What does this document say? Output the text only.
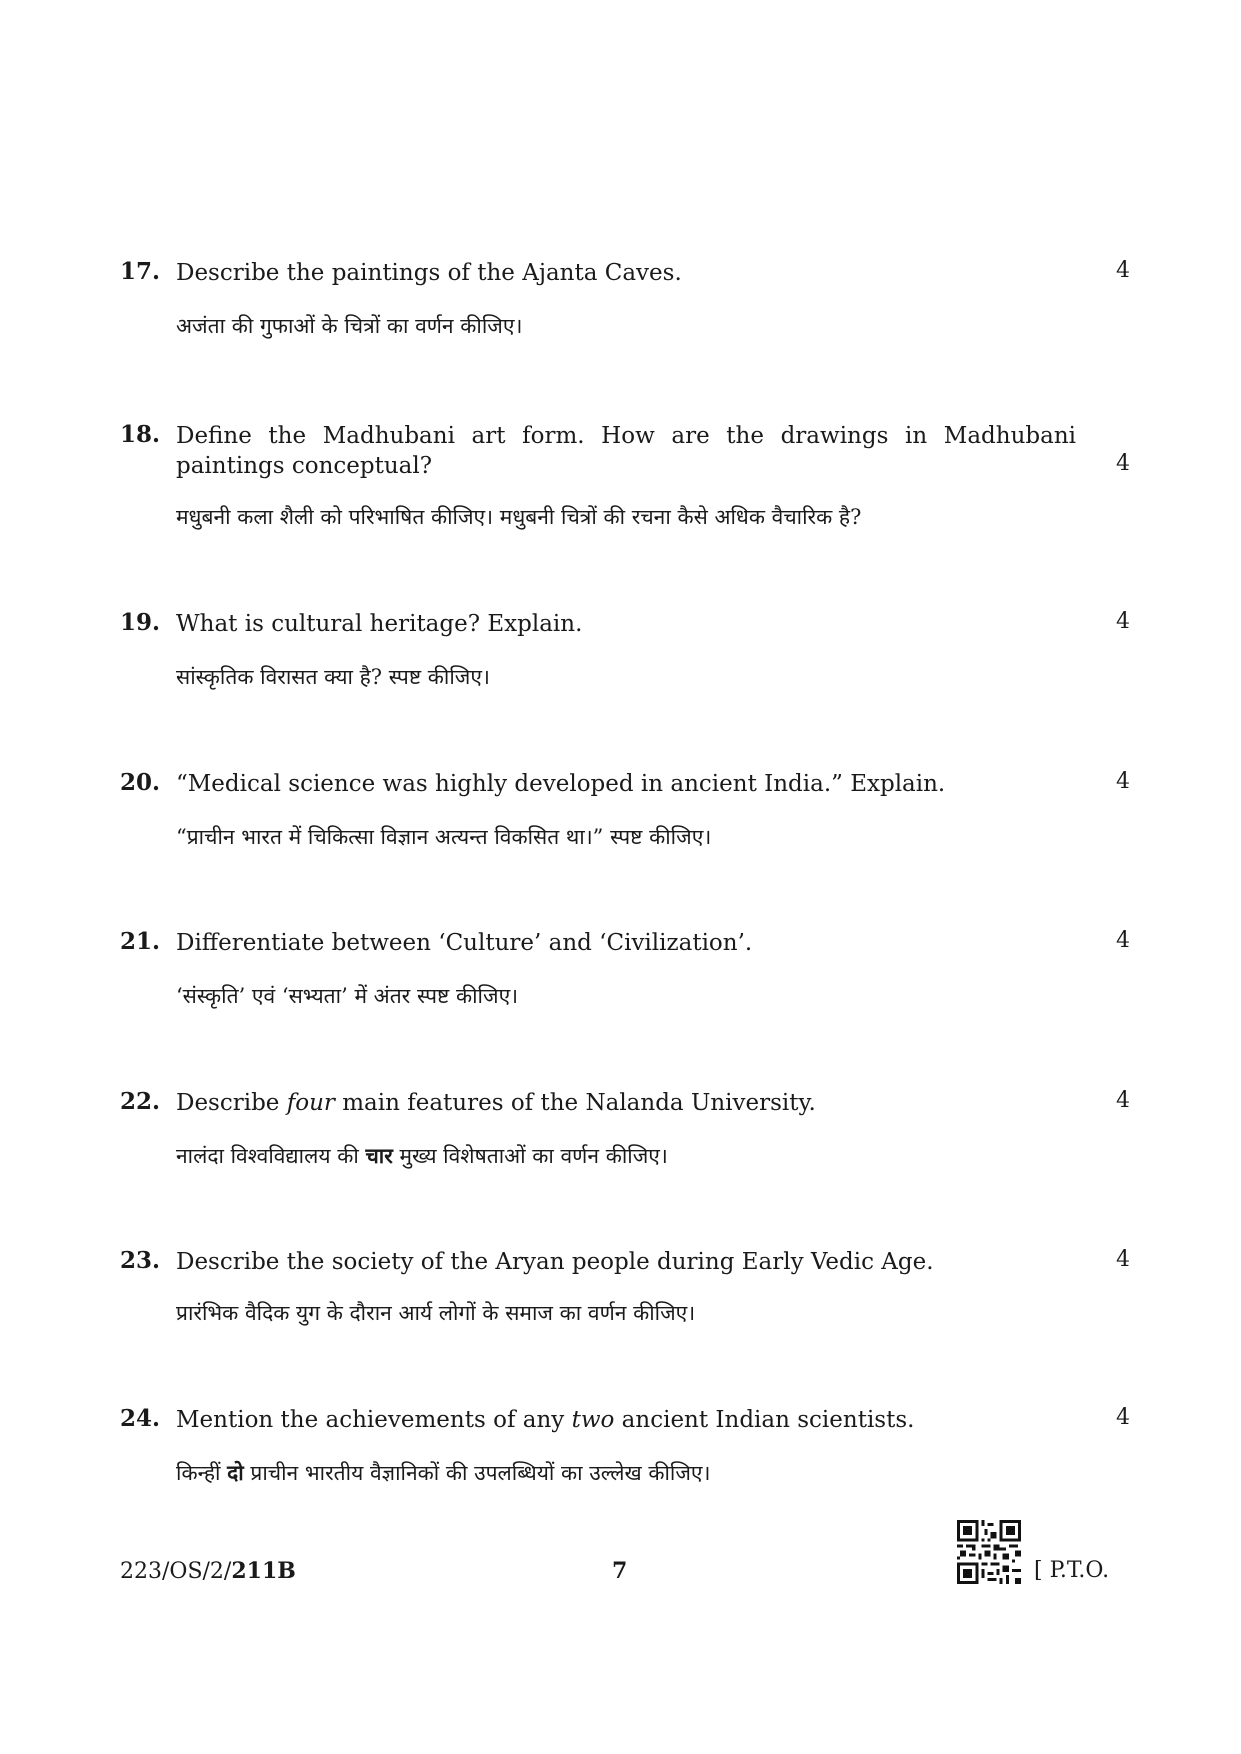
17. Describe the paintings of the Ajanta Caves.
अजंता की गुफाओं के चित्रों का वर्णन कीजिए।
4
18. Define the Madhubani art form. How are the drawings in Madhubani paintings conceptual?
मधुबनी कला शैली को परिभाषित कीजिए। मधुबनी चित्रों की रचना कैसे अधिक वैचारिक है?
4
19. What is cultural heritage? Explain.
सांस्कृतिक विरासत क्या है? स्पष्ट कीजिए।
4
20. “Medical science was highly developed in ancient India.” Explain.
“प्राचीन भारत में चिकित्सा विज्ञान अत्यन्त विकसित था।” स्पष्ट कीजिए।
4
21. Differentiate between ‘Culture’ and ‘Civilization’.
‘संस्कृति’ एवं ‘सभ्यता’ में अंतर स्पष्ट कीजिए।
4
22. Describe four main features of the Nalanda University.
नालंदा विश्वविद्यालय की चार मुख्य विशेषताओं का वर्णन कीजिए।
4
23. Describe the society of the Aryan people during Early Vedic Age.
प्रारंभिक वैदिक युग के दौरान आर्य लोगों के समाज का वर्णन कीजिए।
4
24. Mention the achievements of any two ancient Indian scientists.
किन्हीं दो प्राचीन भारतीय वैज्ञानिकों की उपलब्धियों का उल्लेख कीजिए।
4
223/OS/2/211B	7	[ P.T.O.
